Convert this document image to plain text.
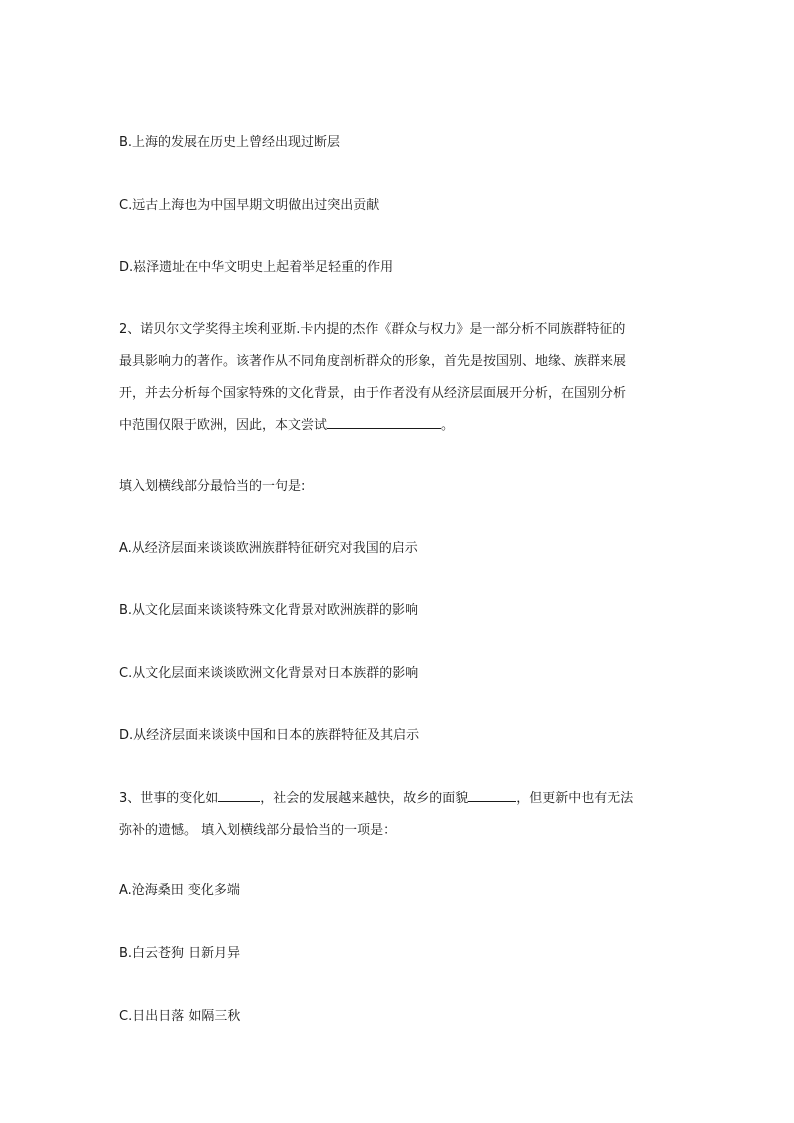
B.上海的发展在历史上曾经出现过断层
C.远古上海也为中国早期文明做出过突出贡献
D.崧泽遗址在中华文明史上起着举足轻重的作用
2、诺贝尔文学奖得主埃利亚斯.卡内提的杰作《群众与权力》是一部分析不同族群特征的
最具影响力的著作。该著作从不同角度剖析群众的形象，首先是按国别、地缘、族群来展
开，并去分析每个国家特殊的文化背景，由于作者没有从经济层面展开分析，在国别分析
中范围仅限于欧洲，因此，本文尝试	。
填入划横线部分最恰当的一句是:
A.从经济层面来谈谈欧洲族群特征研究对我国的启示
B.从文化层面来谈谈特殊文化背景对欧洲族群的影响
C.从文化层面来谈谈欧洲文化背景对日本族群的影响
D.从经济层面来谈谈中国和日本的族群特征及其启示
3、世事的变化如	，社会的发展越来越快，故乡的面貌	，但更新中也有无法
弥补的遗憾。 填入划横线部分最恰当的一项是：
A.沧海桑田 变化多端
B.白云苍狗 日新月异
C.日出日落 如隔三秋
